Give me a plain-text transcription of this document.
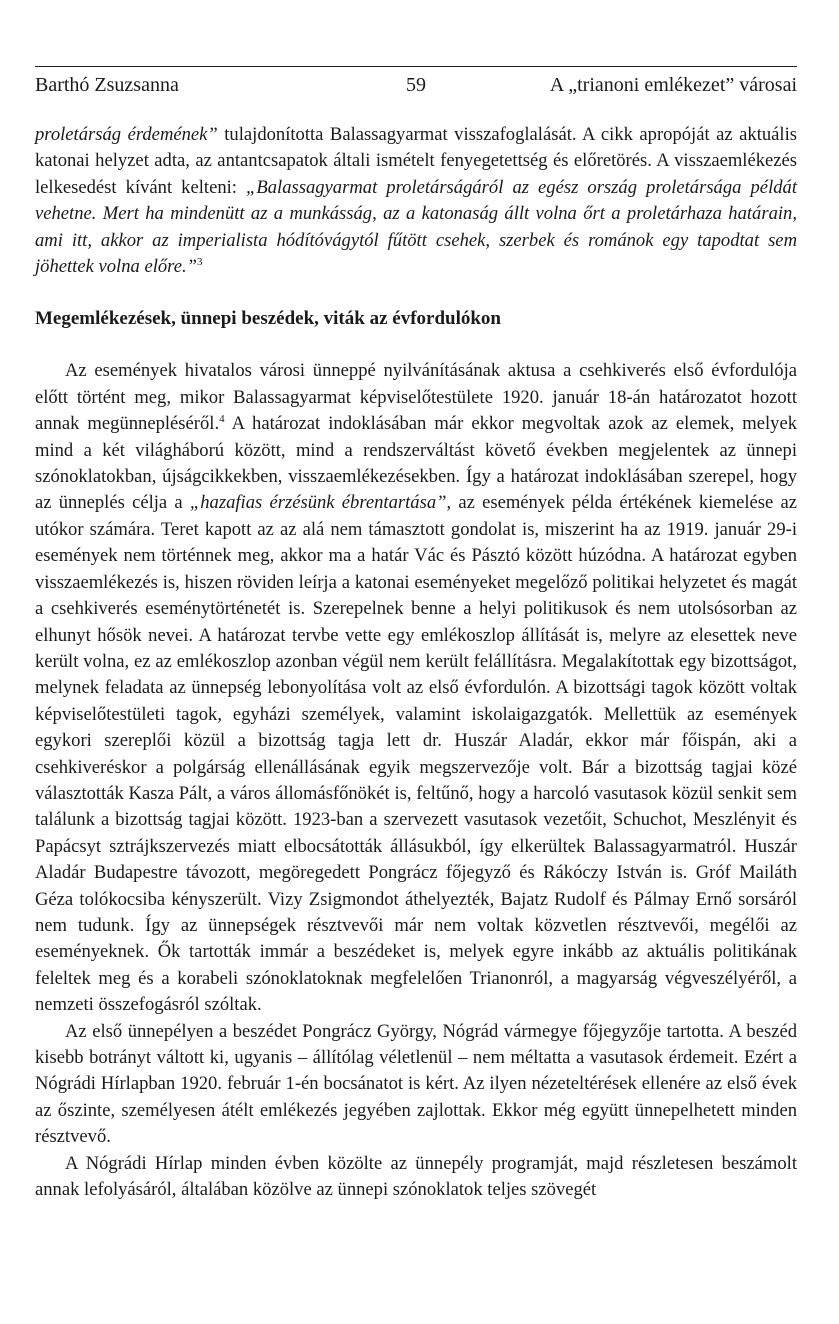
Barthó Zsuzsanna	59	A „trianoni emlékezet” városai

proletárság érdemének” tulajdonította Balassagyarmat visszafoglalását. A cikk apropóját az aktuális katonai helyzet adta, az antantcsapatok általi ismételt fenyegetettség és előretörés. A visszaemlékezés lelkesedést kívánt kelteni: „Balassagyarmat proletárságáról az egész ország proletársága példát vehetne. Mert ha mindenütt az a munkásság, az a katonaság állt volna őrt a proletárhaza határain, ami itt, akkor az imperialista hódítóvágytól fűtött csehek, szerbek és románok egy tapodtat sem jöhettek volna előre.”$^3$

Megemlékezések, ünnepi beszédek, viták az évfordulókon

Az események hivatalos városi ünneppé nyilvánításának aktusa a csehkiverés első évfordulója előtt történt meg, mikor Balassagyarmat képviselőtestülete 1920. január 18-án határozatot hozott annak megünnepléséről.$^4$ A határozat indoklásában már ekkor megvoltak azok az elemek, melyek mind a két világháború között, mind a rendszerváltást követő években megjelentek az ünnepi szónoklatokban, újságcikkekben, visszaemlékezésekben. Így a határozat indoklásában szerepel, hogy az ünneplés célja a „hazafias érzésünk ébrentartása”, az események példa értékének kiemelése az utókor számára. Teret kapott az az alá nem támasztott gondolat is, miszerint ha az 1919. január 29-i események nem történnek meg, akkor ma a határ Vác és Pásztó között húzódna. A határozat egyben visszaemlékezés is, hiszen röviden leírja a katonai eseményeket megelőző politikai helyzetet és magát a csehkiverés eseménytörténetét is. Szerepelnek benne a helyi politikusok és nem utolsósorban az elhunyt hősök nevei. A határozat tervbe vette egy emlékoszlop állítását is, melyre az elesettek neve került volna, ez az emlékoszlop azonban végül nem került felállításra. Megalakítottak egy bizottságot, melynek feladata az ünnepség lebonyolítása volt az első évfordulón. A bizottsági tagok között voltak képviselőtestületi tagok, egyházi személyek, valamint iskolaigazgatók. Mellettük az események egykori szereplői közül a bizottság tagja lett dr. Huszár Aladár, ekkor már főispán, aki a csehkiveréskor a polgárság ellenállásának egyik megszervezője volt. Bár a bizottság tagjai közé választották Kasza Pált, a város állomásfőnökét is, feltűnő, hogy a harcoló vasutasok közül senkit sem találunk a bizottság tagjai között. 1923-ban a szervezett vasutasok vezetőit, Schuchot, Meszlényit és Papácsyt sztrájkszervezés miatt elbocsátották állásukból, így elkerültek Balassagyarmatról. Huszár Aladár Budapestre távozott, megöregedett Pongrácz főjegyző és Rákóczy István is. Gróf Mailáth Géza tolókocsiba kényszerült. Vizy Zsigmondot áthelyezték, Bajatz Rudolf és Pálmay Ernő sorsáról nem tudunk. Így az ünnepségek résztvevői már nem voltak közvetlen résztvevői, megélői az eseményeknek. Ők tartották immár a beszédeket is, melyek egyre inkább az aktuális politikának feleltek meg és a korabeli szónoklatoknak megfelelően Trianonról, a magyarság végveszélyéről, a nemzeti összefogásról szóltak.

Az első ünnepélyen a beszédet Pongrácz György, Nógrád vármegye főjegyzője tartotta. A beszéd kisebb botrányt váltott ki, ugyanis – állítólag véletlenül – nem méltatta a vasutasok érdemeit. Ezért a Nógrádi Hírlapban 1920. február 1-én bocsánatot is kért. Az ilyen nézeteltérések ellenére az első évek az őszinte, személyesen átélt emlékezés jegyében zajlottak. Ekkor még együtt ünnepelhetett minden résztvevő.

A Nógrádi Hírlap minden évben közölte az ünnepély programját, majd részletesen beszámolt annak lefolyásáról, általában közölve az ünnepi szónoklatok teljes szövegét
